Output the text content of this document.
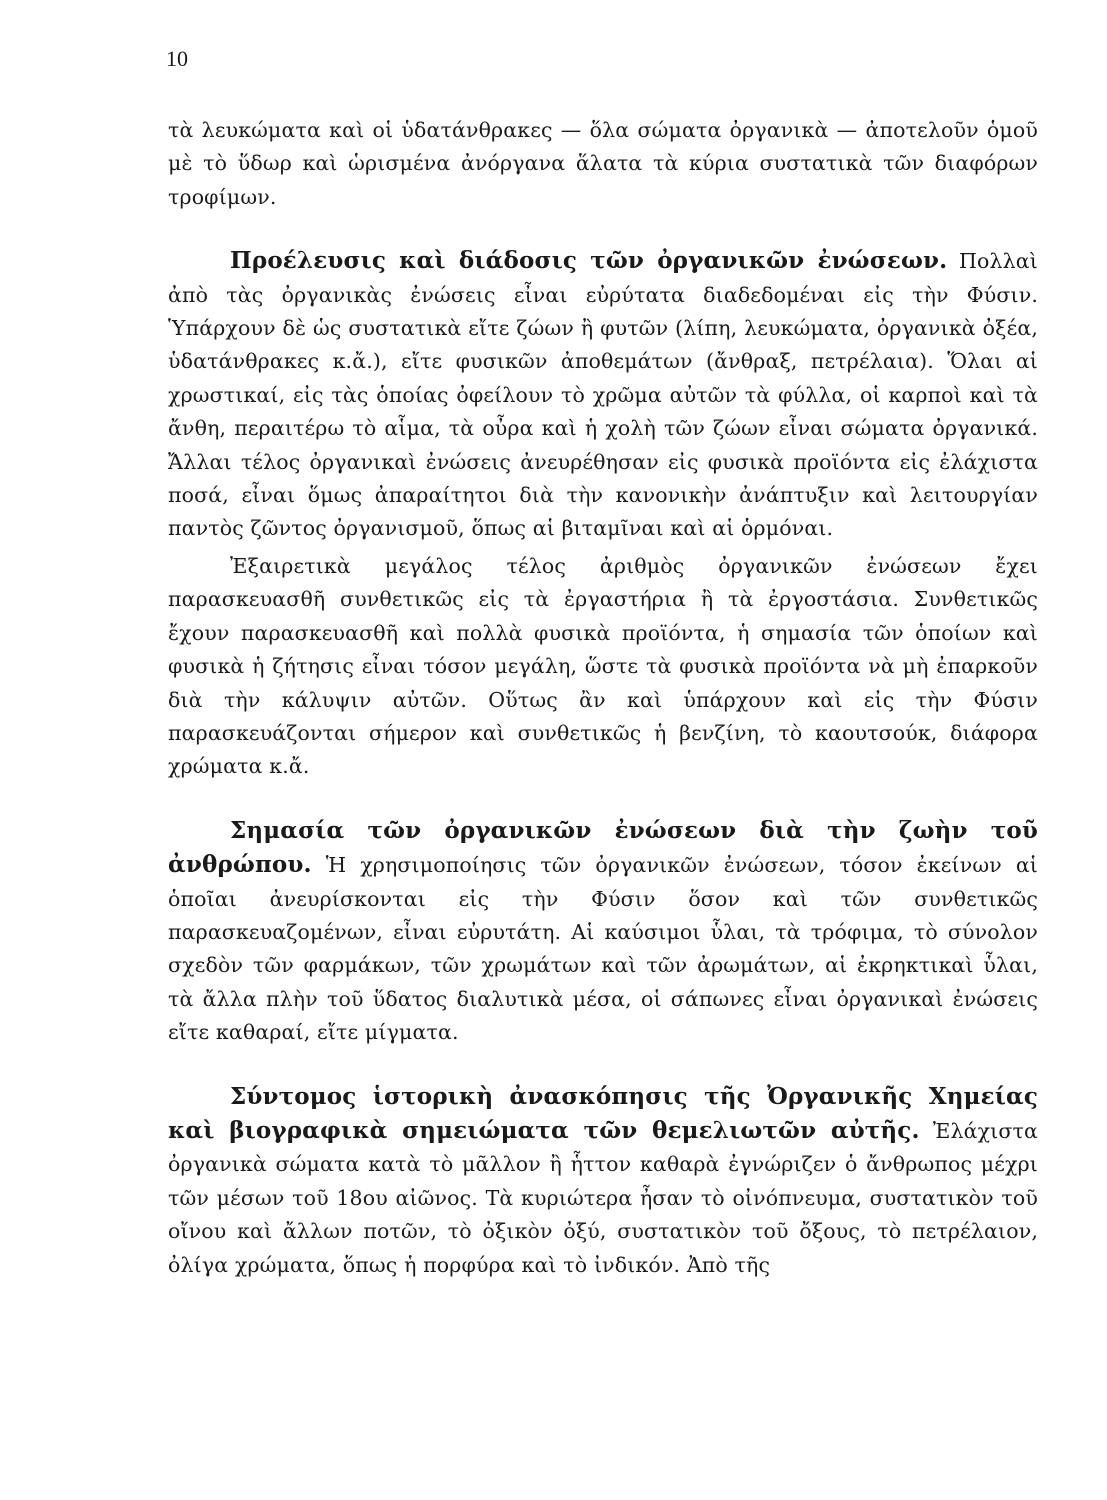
10

τὰ λευκώματα καὶ οἱ ὑδατάνθρακες — ὅλα σώματα ὀργανικὰ — ἀποτελοῦν ὁμοῦ μὲ τὸ ὕδωρ καὶ ὡρισμένα ἀνόργανα ἅλατα τὰ κύρια συστατικὰ τῶν διαφόρων τροφίμων.

Προέλευσις καὶ διάδοσις τῶν ὀργανικῶν ἐνώσεων. Πολλαὶ ἀπὸ τὰς ὀργανικὰς ἐνώσεις εἶναι εὐρύτατα διαδεδομέναι εἰς τὴν Φύσιν. Ὑπάρχουν δὲ ὡς συστατικὰ εἴτε ζώων ἢ φυτῶν (λίπη, λευκώματα, ὀργανικὰ ὀξέα, ὑδατάνθρακες κ.ἄ.), εἴτε φυσικῶν ἀποθεμάτων (ἄνθραξ, πετρέλαια). Ὅλαι αἱ χρωστικαί, εἰς τὰς ὁποίας ὀφείλουν τὸ χρῶμα αὐτῶν τὰ φύλλα, οἱ καρποὶ καὶ τὰ ἄνθη, περαιτέρω τὸ αἷμα, τὰ οὖρα καὶ ἡ χολὴ τῶν ζώων εἶναι σώματα ὀργανικά. Ἄλλαι τέλος ὀργανικαὶ ἐνώσεις ἀνευρέθησαν εἰς φυσικὰ προϊόντα εἰς ἐλάχιστα ποσά, εἶναι ὅμως ἀπαραίτητοι διὰ τὴν κανονικὴν ἀνάπτυξιν καὶ λειτουργίαν παντὸς ζῶντος ὀργανισμοῦ, ὅπως αἱ βιταμῖναι καὶ αἱ ὁρμόναι.

Ἐξαιρετικὰ μεγάλος τέλος ἀριθμὸς ὀργανικῶν ἐνώσεων ἔχει παρασκευασθῆ συνθετικῶς εἰς τὰ ἐργαστήρια ἢ τὰ ἐργοστάσια. Συνθετικῶς ἔχουν παρασκευασθῆ καὶ πολλὰ φυσικὰ προϊόντα, ἡ σημασία τῶν ὁποίων καὶ φυσικὰ ἡ ζήτησις εἶναι τόσον μεγάλη, ὥστε τὰ φυσικὰ προϊόντα νὰ μὴ ἐπαρκοῦν διὰ τὴν κάλυψιν αὐτῶν. Οὕτως ἂν καὶ ὑπάρχουν καὶ εἰς τὴν Φύσιν παρασκευάζονται σήμερον καὶ συνθετικῶς ἡ βενζίνη, τὸ καουτσούκ, διάφορα χρώματα κ.ἄ.

Σημασία τῶν ὀργανικῶν ἐνώσεων διὰ τὴν ζωὴν τοῦ ἀνθρώπου. Ἡ χρησιμοποίησις τῶν ὀργανικῶν ἐνώσεων, τόσον ἐκείνων αἱ ὁποῖαι ἀνευρίσκονται εἰς τὴν Φύσιν ὅσον καὶ τῶν συνθετικῶς παρασκευαζομένων, εἶναι εὐρυτάτη. Αἱ καύσιμοι ὗλαι, τὰ τρόφιμα, τὸ σύνολον σχεδὸν τῶν φαρμάκων, τῶν χρωμάτων καὶ τῶν ἀρωμάτων, αἱ ἐκρηκτικαὶ ὗλαι, τὰ ἄλλα πλὴν τοῦ ὕδατος διαλυτικὰ μέσα, οἱ σάπωνες εἶναι ὀργανικαὶ ἐνώσεις εἴτε καθαραί, εἴτε μίγματα.

Σύντομος ἱστορικὴ ἀνασκόπησις τῆς Ὀργανικῆς Χημείας καὶ βιογραφικὰ σημειώματα τῶν θεμελιωτῶν αὐτῆς. Ἐλάχιστα ὀργανικὰ σώματα κατὰ τὸ μᾶλλον ἢ ἧττον καθαρὰ ἐγνώριζεν ὁ ἄνθρωπος μέχρι τῶν μέσων τοῦ 18ου αἰῶνος. Τὰ κυριώτερα ἦσαν τὸ οἰνόπνευμα, συστατικὸν τοῦ οἴνου καὶ ἄλλων ποτῶν, τὸ ὀξικὸν ὀξύ, συστατικὸν τοῦ ὄξους, τὸ πετρέλαιον, ὀλίγα χρώματα, ὅπως ἡ πορφύρα καὶ τὸ ἰνδικόν. Ἀπὸ τῆς
